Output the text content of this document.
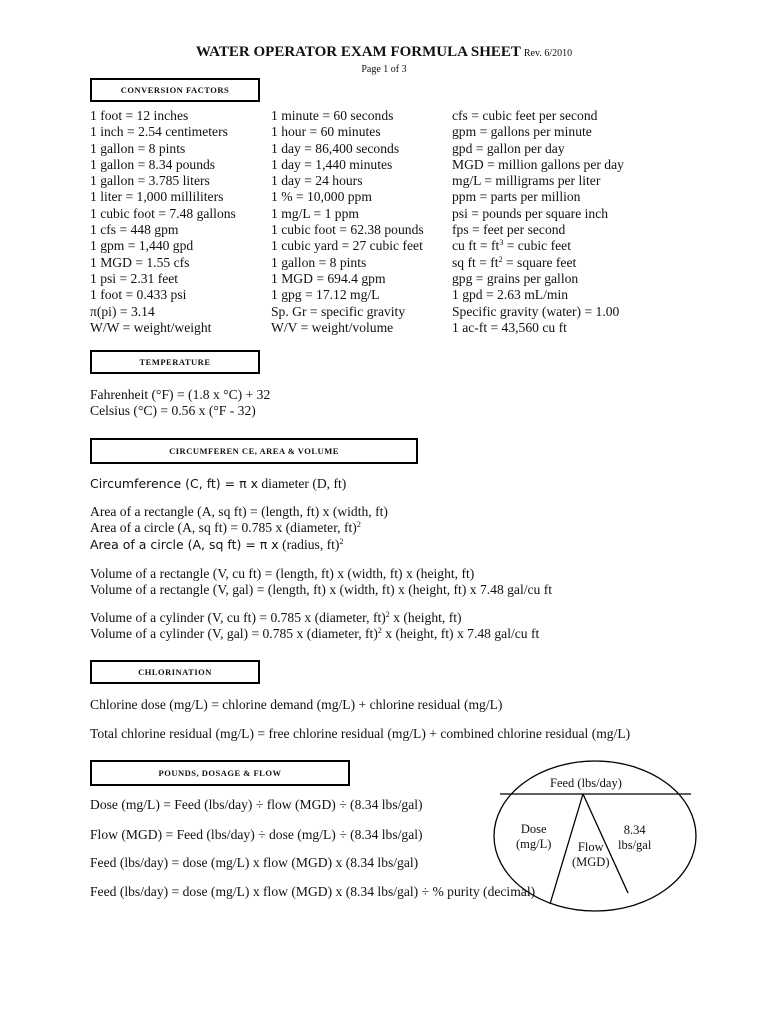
WATER OPERATOR EXAM FORMULA SHEET Rev. 6/2010
Page 1 of 3
CONVERSION FACTORS
1 foot = 12 inches
1 inch = 2.54 centimeters
1 gallon = 8 pints
1 gallon = 8.34 pounds
1 gallon = 3.785 liters
1 liter = 1,000 milliliters
1 cubic foot = 7.48 gallons
1 cfs = 448 gpm
1 gpm = 1,440 gpd
1 MGD = 1.55 cfs
1 psi = 2.31 feet
1 foot = 0.433 psi
π(pi) = 3.14
W/W = weight/weight
1 minute = 60 seconds
1 hour = 60 minutes
1 day = 86,400 seconds
1 day = 1,440 minutes
1 day = 24 hours
1 % = 10,000 ppm
1 mg/L = 1 ppm
1 cubic foot = 62.38 pounds
1 cubic yard = 27 cubic feet
1 gallon = 8 pints
1 MGD = 694.4 gpm
1 gpg = 17.12 mg/L
Sp. Gr = specific gravity
W/V = weight/volume
cfs = cubic feet per second
gpm = gallons per minute
gpd = gallon per day
MGD = million gallons per day
mg/L = milligrams per liter
ppm = parts per million
psi = pounds per square inch
fps = feet per second
cu ft = $ft^3$ = cubic feet
sq ft = $ft^2$ = square feet
gpg = grains per gallon
1 gpd = 2.63 mL/min
Specific gravity (water) = 1.00
1 ac-ft = 43,560 cu ft
TEMPERATURE
Fahrenheit (°F) = (1.8 x °C) + 32
Celsius (°C) = 0.56 x (°F - 32)
CIRCUMFEREN CE, AREA & VOLUME
Circumference (C, ft) = π x diameter (D, ft)
Area of a rectangle (A, sq ft) = (length, ft) x (width, ft)
Area of a circle (A, sq ft) = 0.785 x (diameter, ft)$^2$
Area of a circle (A, sq ft) = π x (radius, ft)$^2$
Volume of a rectangle (V, cu ft) = (length, ft) x (width, ft) x (height, ft)
Volume of a rectangle (V, gal) = (length, ft) x (width, ft) x (height, ft) x 7.48 gal/cu ft
Volume of a cylinder (V, cu ft) = 0.785 x (diameter, ft)$^2$ x (height, ft)
Volume of a cylinder (V, gal) = 0.785 x (diameter, ft)$^2$ x (height, ft) x 7.48 gal/cu ft
CHLORINATION
Chlorine dose (mg/L) = chlorine demand (mg/L) + chlorine residual (mg/L)
Total chlorine residual (mg/L) = free chlorine residual (mg/L) + combined chlorine residual (mg/L)
POUNDS, DOSAGE & FLOW
Dose (mg/L) = Feed (lbs/day) ÷ flow (MGD) ÷ (8.34 lbs/gal)
Flow (MGD) = Feed (lbs/day) ÷ dose (mg/L) ÷ (8.34 lbs/gal)
Feed (lbs/day) = dose (mg/L) x flow (MGD) x (8.34 lbs/gal)
Feed (lbs/day) = dose (mg/L) x flow (MGD) x (8.34 lbs/gal) ÷ % purity (decimal)
Feed (lbs/day)
Dose
(mg/L)	Flow
(MGD)
8.34
lbs/gal
